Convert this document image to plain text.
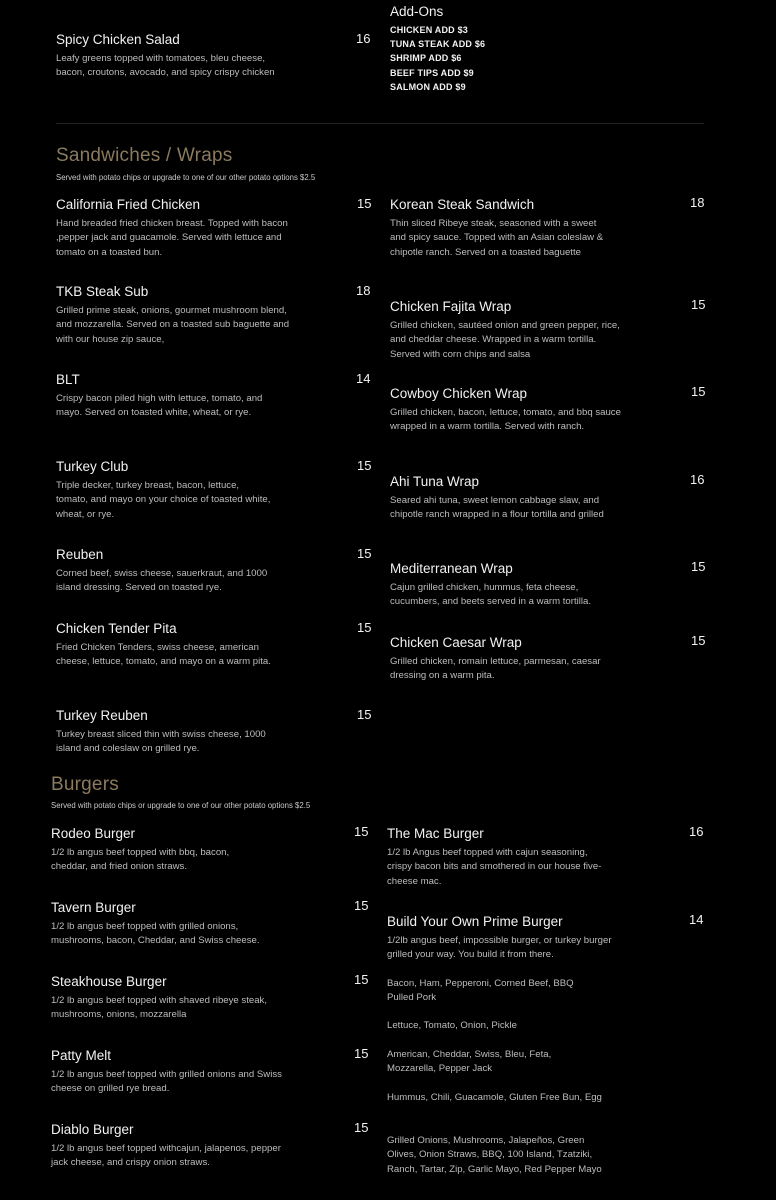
Spicy Chicken Salad	16
Leafy greens topped with tomatoes, bleu cheese, bacon, croutons, avocado, and spicy crispy chicken
Add-Ons
CHICKEN ADD $3
TUNA STEAK ADD $6
SHRIMP ADD $6
BEEF TIPS ADD $9
SALMON ADD $9
Sandwiches / Wraps
Served with potato chips or upgrade to one of our other potato options $2.5
California Fried Chicken	15
Hand breaded fried chicken breast. Topped with bacon ,pepper jack and guacamole. Served with lettuce and tomato on a toasted bun.
TKB Steak Sub	18
Grilled prime steak, onions, gourmet mushroom blend, and mozzarella. Served on a toasted sub baguette and with our house zip sauce,
BLT	14
Crispy bacon piled high with lettuce, tomato, and mayo. Served on toasted white, wheat, or rye.
Turkey Club	15
Triple decker, turkey breast, bacon, lettuce, tomato, and mayo on your choice of toasted white, wheat, or rye.
Reuben	15
Corned beef, swiss cheese, sauerkraut, and 1000 island dressing. Served on toasted rye.
Chicken Tender Pita	15
Fried Chicken Tenders, swiss cheese, american cheese, lettuce, tomato, and mayo on a warm pita.
Turkey Reuben	15
Turkey breast sliced thin with swiss cheese, 1000 island and coleslaw on grilled rye.
Korean Steak Sandwich	18
Thin sliced Ribeye steak, seasoned with a sweet and spicy sauce. Topped with an Asian coleslaw & chipotle ranch. Served on a toasted baguette
Chicken Fajita Wrap	15
Grilled chicken, sautéed onion and green pepper, rice, and cheddar cheese. Wrapped in a warm tortilla. Served with corn chips and salsa
Cowboy Chicken Wrap	15
Grilled chicken, bacon, lettuce, tomato, and bbq sauce wrapped in a warm tortilla. Served with ranch.
Ahi Tuna Wrap	16
Seared ahi tuna, sweet lemon cabbage slaw, and chipotle ranch wrapped in a flour tortilla and grilled
Mediterranean Wrap	15
Cajun grilled chicken, hummus, feta cheese, cucumbers, and beets served in a warm tortilla.
Chicken Caesar Wrap	15
Grilled chicken, romain lettuce, parmesan, caesar dressing on a warm pita.
Burgers
Served with potato chips or upgrade to one of our other potato options $2.5
Rodeo Burger	15
1/2 lb angus beef topped with bbq, bacon, cheddar, and fried onion straws.
Tavern Burger	15
1/2 lb angus beef topped with grilled onions, mushrooms, bacon, Cheddar, and Swiss cheese.
Steakhouse Burger	15
1/2 lb angus beef topped with shaved ribeye steak, mushrooms, onions, mozzarella
Patty Melt	15
1/2 lb angus beef topped with grilled onions and Swiss cheese on grilled rye bread.
Diablo Burger	15
1/2 lb angus beef topped withcajun, jalapenos, pepper jack cheese, and crispy onion straws.
The Mac Burger	16
1/2 lb Angus beef topped with cajun seasoning, crispy bacon bits and smothered in our house five-cheese mac.
Build Your Own Prime Burger	14
1/2lb angus beef, impossible burger, or turkey burger grilled your way. You build it from there.
Bacon, Ham, Pepperoni, Corned Beef, BBQ Pulled Pork
Lettuce, Tomato, Onion, Pickle
American, Cheddar, Swiss, Bleu, Feta, Mozzarella, Pepper Jack
Hummus, Chili, Guacamole, Gluten Free Bun, Egg
Grilled Onions, Mushrooms, Jalapeños, Green Olives, Onion Straws, BBQ, 100 Island, Tzatziki, Ranch, Tartar, Zip, Garlic Mayo, Red Pepper Mayo
